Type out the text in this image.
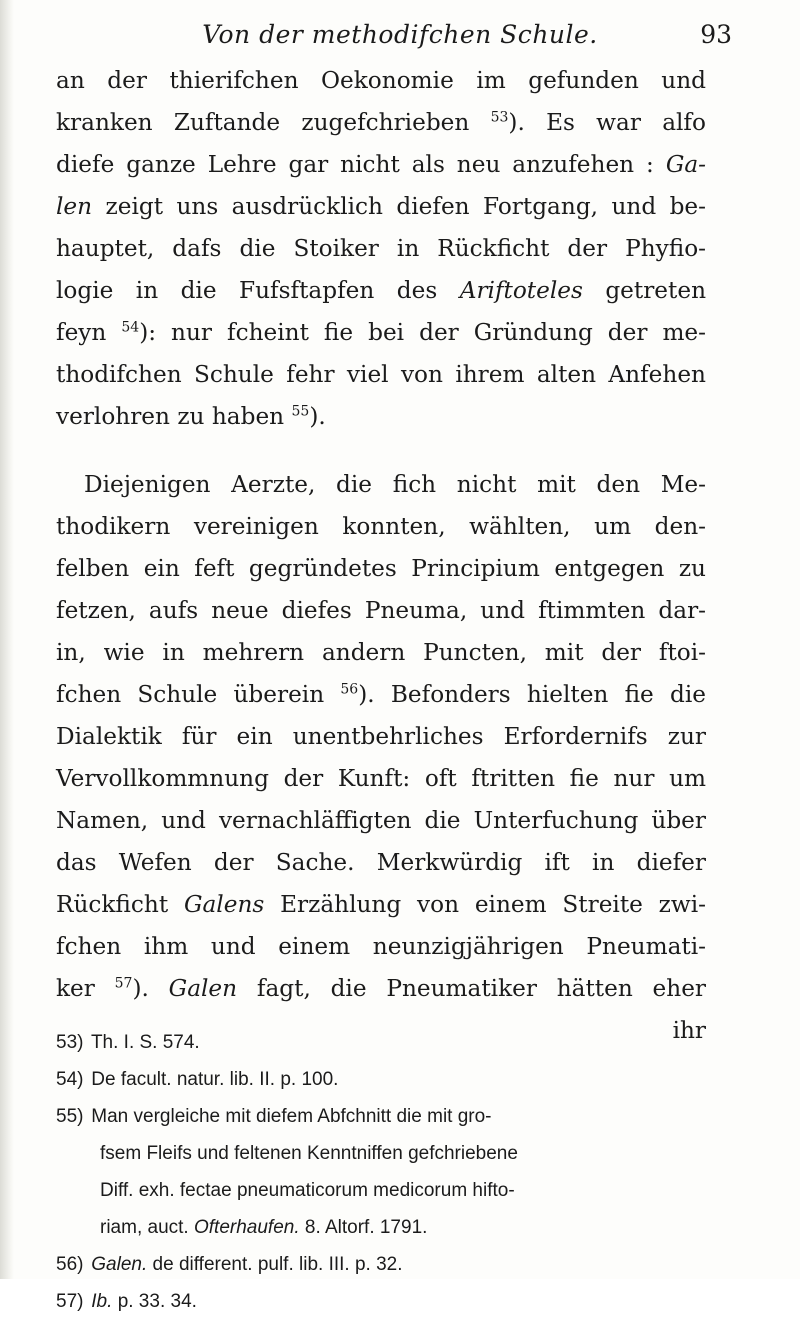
Von der methodifchen Schule.	93
an der thierifchen Oekonomie im gefunden und
kranken Zuftande zugefchrieben $^{53}$). Es war alfo
diefe ganze Lehre gar nicht als neu anzufehen : Ga-
len zeigt uns ausdrücklich diefen Fortgang, und be-
hauptet, dafs die Stoiker in Rückficht der Phyfio-
logie in die Fufsftapfen des Ariftoteles getreten
feyn $^{54}$): nur fcheint fie bei der Gründung der me-
thodifchen Schule fehr viel von ihrem alten Anfehen
verlohren zu haben $^{55}$).
Diejenigen Aerzte, die fich nicht mit den Me-
thodikern vereinigen konnten, wählten, um den-
felben ein feft gegründetes Principium entgegen zu
fetzen, aufs neue diefes Pneuma, und ftimmten dar-
in, wie in mehrern andern Puncten, mit der ftoi-
fchen Schule überein $^{56}$). Befonders hielten fie die
Dialektik für ein unentbehrliches Erfordernifs zur
Vervollkommnung der Kunft: oft ftritten fie nur um
Namen, und vernachläffigten die Unterfuchung über
das Wefen der Sache. Merkwürdig ift in diefer
Rückficht Galens Erzählung von einem Streite zwi-
fchen ihm und einem neunzigjährigen Pneumati-
ker $^{57}$). Galen fagt, die Pneumatiker hätten eher
ihr
53) Th. I. S. 574.
54) De facult. natur. lib. II. p. 100.
55) Man vergleiche mit diefem Abfchnitt die mit gro-
fsem Fleifs und feltenen Kenntniffen gefchriebene
Diff. exh. fectae pneumaticorum medicorum hifto-
riam, auct. Ofterhaufen. 8. Altorf. 1791.
56) Galen. de different. pulf. lib. III. p. 32.
57) Ib. p. 33. 34.
